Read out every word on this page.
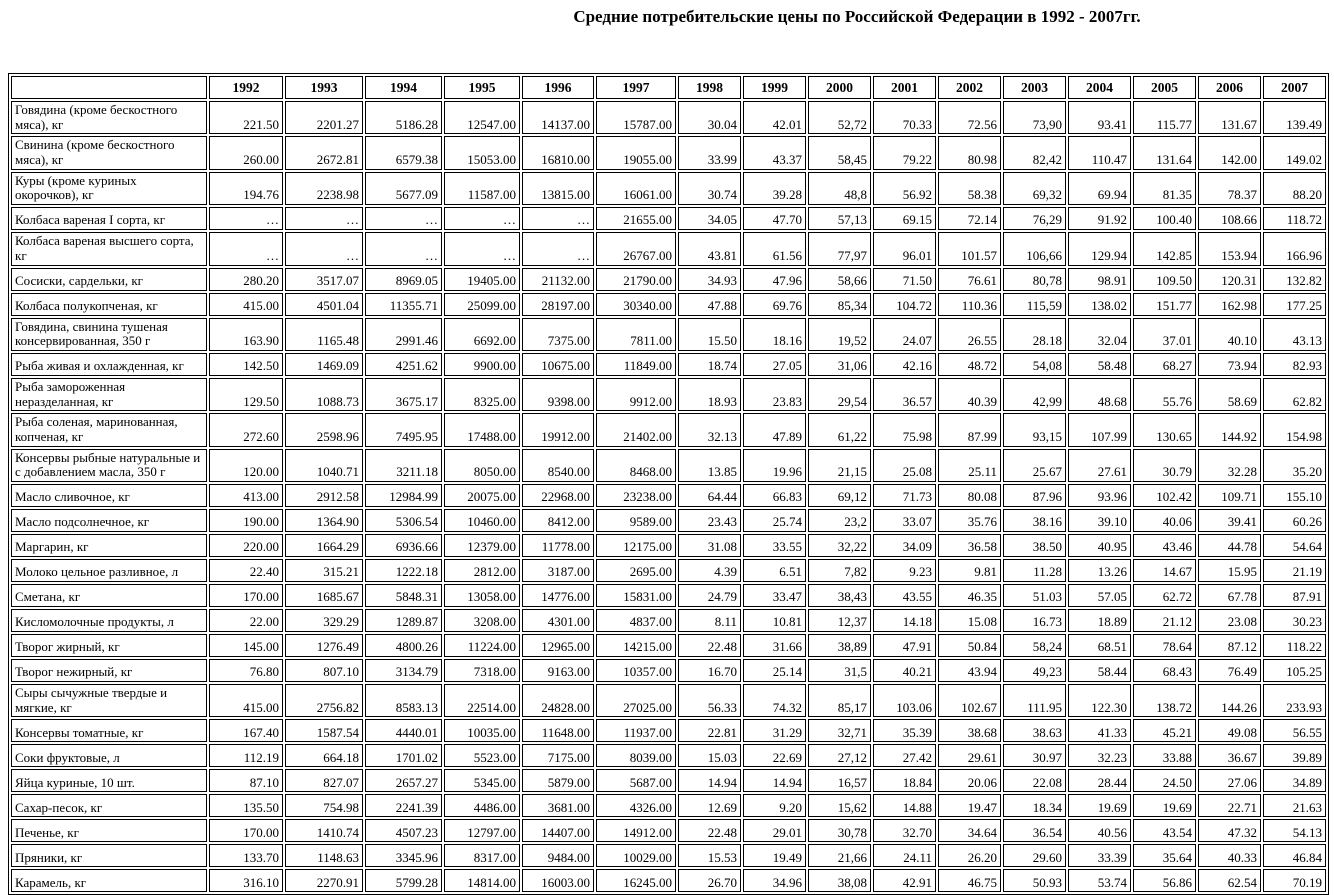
Средние потребительские цены по Российской Федерации в 1992 - 2007гг.
	1992	1993	1994	1995	1996	1997	1998	1999	2000	2001	2002	2003	2004	2005	2006	2007
Говядина (кроме бескостного мяса), кг	221.50	2201.27	5186.28	12547.00	14137.00	15787.00	30.04	42.01	52,72	70.33	72.56	73,90	93.41	115.77	131.67	139.49
Свинина (кроме бескостного мяса), кг	260.00	2672.81	6579.38	15053.00	16810.00	19055.00	33.99	43.37	58,45	79.22	80.98	82,42	110.47	131.64	142.00	149.02
Куры (кроме куриных окорочков), кг	194.76	2238.98	5677.09	11587.00	13815.00	16061.00	30.74	39.28	48,8	56.92	58.38	69,32	69.94	81.35	78.37	88.20
Колбаса вареная I сорта, кг	…	…	…	…	…	21655.00	34.05	47.70	57,13	69.15	72.14	76,29	91.92	100.40	108.66	118.72
Колбаса вареная высшего сорта, кг	…	…	…	…	…	26767.00	43.81	61.56	77,97	96.01	101.57	106,66	129.94	142.85	153.94	166.96
Сосиски, сардельки, кг	280.20	3517.07	8969.05	19405.00	21132.00	21790.00	34.93	47.96	58,66	71.50	76.61	80,78	98.91	109.50	120.31	132.82
Колбаса полукопченая, кг	415.00	4501.04	11355.71	25099.00	28197.00	30340.00	47.88	69.76	85,34	104.72	110.36	115,59	138.02	151.77	162.98	177.25
Говядина, свинина тушеная консервированная, 350 г	163.90	1165.48	2991.46	6692.00	7375.00	7811.00	15.50	18.16	19,52	24.07	26.55	28.18	32.04	37.01	40.10	43.13
Рыба живая и охлажденная, кг	142.50	1469.09	4251.62	9900.00	10675.00	11849.00	18.74	27.05	31,06	42.16	48.72	54,08	58.48	68.27	73.94	82.93
Рыба замороженная неразделанная, кг	129.50	1088.73	3675.17	8325.00	9398.00	9912.00	18.93	23.83	29,54	36.57	40.39	42,99	48.68	55.76	58.69	62.82
Рыба соленая, маринованная, копченая, кг	272.60	2598.96	7495.95	17488.00	19912.00	21402.00	32.13	47.89	61,22	75.98	87.99	93,15	107.99	130.65	144.92	154.98
Консервы рыбные натуральные и с добавлением масла, 350 г	120.00	1040.71	3211.18	8050.00	8540.00	8468.00	13.85	19.96	21,15	25.08	25.11	25.67	27.61	30.79	32.28	35.20
Масло сливочное, кг	413.00	2912.58	12984.99	20075.00	22968.00	23238.00	64.44	66.83	69,12	71.73	80.08	87.96	93.96	102.42	109.71	155.10
Масло подсолнечное, кг	190.00	1364.90	5306.54	10460.00	8412.00	9589.00	23.43	25.74	23,2	33.07	35.76	38.16	39.10	40.06	39.41	60.26
Маргарин, кг	220.00	1664.29	6936.66	12379.00	11778.00	12175.00	31.08	33.55	32,22	34.09	36.58	38.50	40.95	43.46	44.78	54.64
Молоко цельное разливное, л	22.40	315.21	1222.18	2812.00	3187.00	2695.00	4.39	6.51	7,82	9.23	9.81	11.28	13.26	14.67	15.95	21.19
Сметана, кг	170.00	1685.67	5848.31	13058.00	14776.00	15831.00	24.79	33.47	38,43	43.55	46.35	51.03	57.05	62.72	67.78	87.91
Кисломолочные продукты, л	22.00	329.29	1289.87	3208.00	4301.00	4837.00	8.11	10.81	12,37	14.18	15.08	16.73	18.89	21.12	23.08	30.23
Творог жирный, кг	145.00	1276.49	4800.26	11224.00	12965.00	14215.00	22.48	31.66	38,89	47.91	50.84	58,24	68.51	78.64	87.12	118.22
Творог нежирный, кг	76.80	807.10	3134.79	7318.00	9163.00	10357.00	16.70	25.14	31,5	40.21	43.94	49,23	58.44	68.43	76.49	105.25
Сыры сычужные твердые и мягкие, кг	415.00	2756.82	8583.13	22514.00	24828.00	27025.00	56.33	74.32	85,17	103.06	102.67	111.95	122.30	138.72	144.26	233.93
Консервы томатные, кг	167.40	1587.54	4440.01	10035.00	11648.00	11937.00	22.81	31.29	32,71	35.39	38.68	38.63	41.33	45.21	49.08	56.55
Соки фруктовые, л	112.19	664.18	1701.02	5523.00	7175.00	8039.00	15.03	22.69	27,12	27.42	29.61	30.97	32.23	33.88	36.67	39.89
Яйца куриные, 10 шт.	87.10	827.07	2657.27	5345.00	5879.00	5687.00	14.94	14.94	16,57	18.84	20.06	22.08	28.44	24.50	27.06	34.89
Сахар-песок, кг	135.50	754.98	2241.39	4486.00	3681.00	4326.00	12.69	9.20	15,62	14.88	19.47	18.34	19.69	19.69	22.71	21.63
Печенье, кг	170.00	1410.74	4507.23	12797.00	14407.00	14912.00	22.48	29.01	30,78	32.70	34.64	36.54	40.56	43.54	47.32	54.13
Пряники, кг	133.70	1148.63	3345.96	8317.00	9484.00	10029.00	15.53	19.49	21,66	24.11	26.20	29.60	33.39	35.64	40.33	46.84
Карамель, кг	316.10	2270.91	5799.28	14814.00	16003.00	16245.00	26.70	34.96	38,08	42.91	46.75	50.93	53.74	56.86	62.54	70.19
